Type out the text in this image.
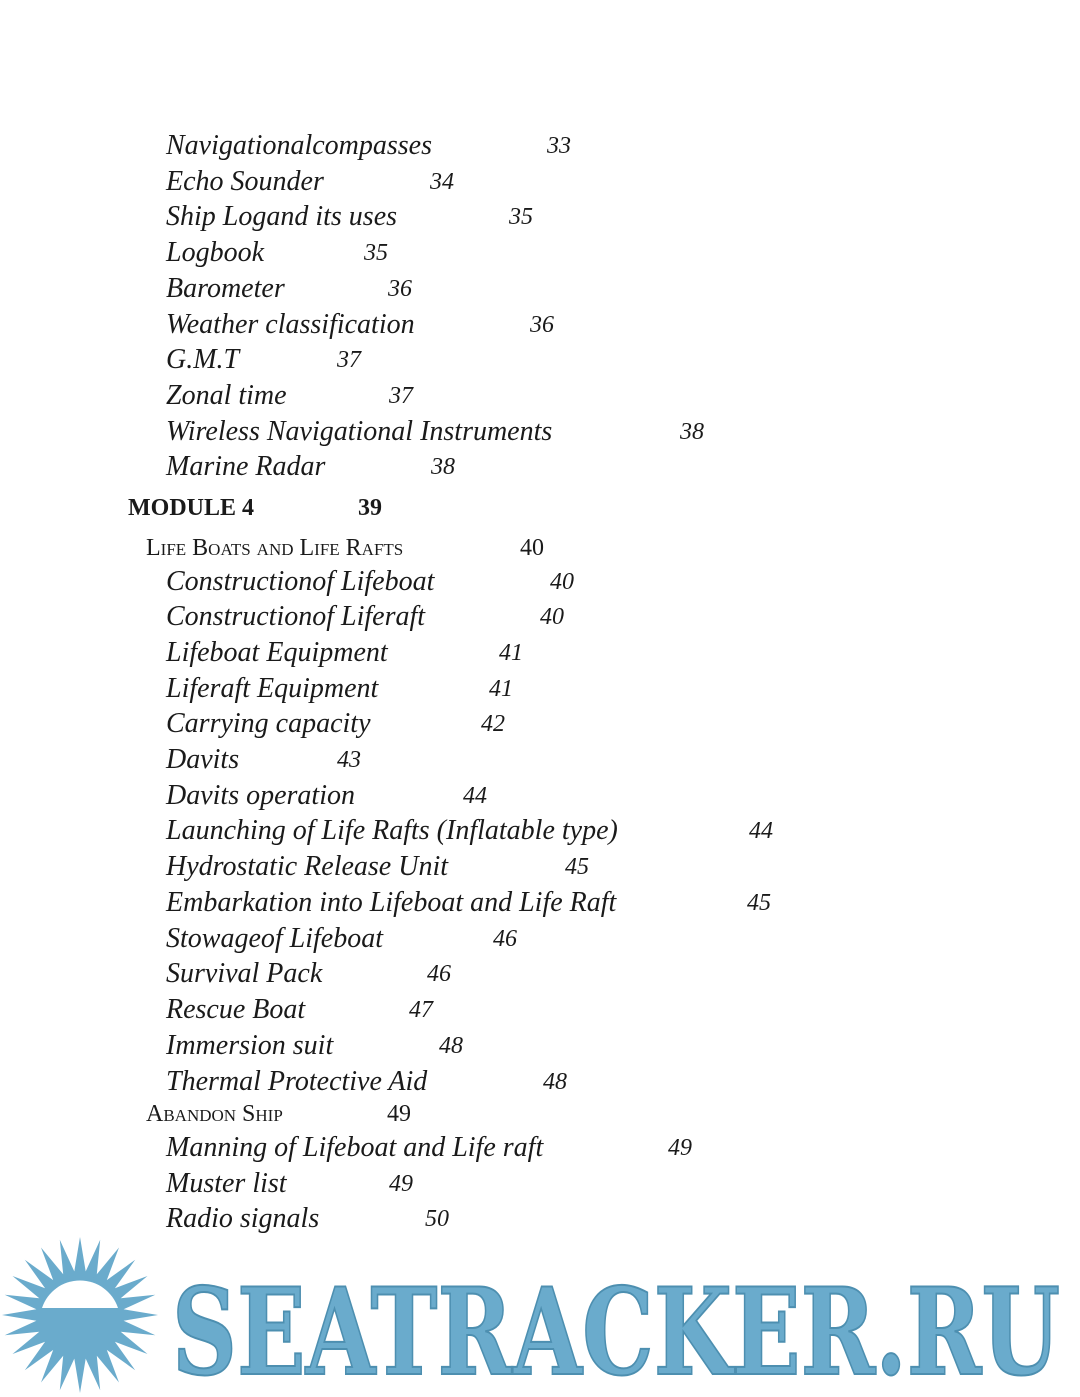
Navigationalcompasses	33
Echo Sounder	34
Ship Logand its uses	35
Logbook	35
Barometer	36
Weather classification	36
G.M.T	37
Zonal time	37
Wireless Navigational Instruments	38
Marine Radar	38
MODULE 4	39
Life Boats and Life Rafts	40
Constructionof Lifeboat	40
Constructionof Liferaft	40
Lifeboat Equipment	41
Liferaft Equipment	41
Carrying capacity	42
Davits	43
Davits operation	44
Launching of Life Rafts (Inflatable type)	44
Hydrostatic Release Unit	45
Embarkation into Lifeboat and Life Raft	45
Stowageof Lifeboat	46
Survival Pack	46
Rescue Boat	47
Immersion suit	48
Thermal Protective Aid	48
Abandon Ship	49
Manning of Lifeboat and Life raft	49
Muster list	49
Radio signals	50
SEATRACKER.RU
